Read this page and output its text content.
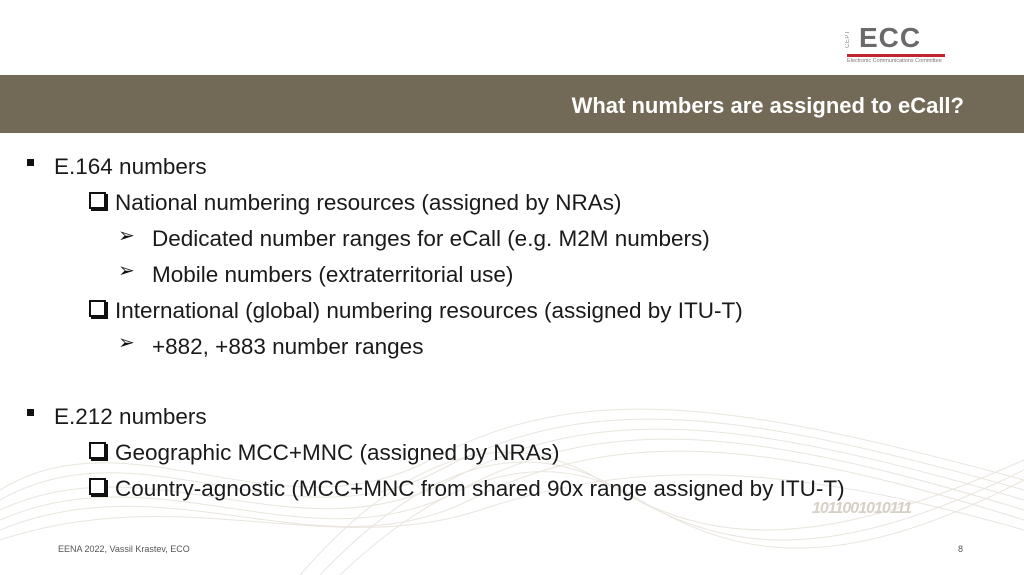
CEPT ECC
Electronic Communications Committee
What numbers are assigned to eCall?
E.164 numbers
National numbering resources (assigned by NRAs)
➢ Dedicated number ranges for eCall (e.g. M2M numbers)
➢ Mobile numbers (extraterritorial use)
International (global) numbering resources (assigned by ITU-T)
➢ +882, +883 number ranges
E.212 numbers
Geographic MCC+MNC (assigned by NRAs)
Country-agnostic (MCC+MNC from shared 90x range assigned by ITU-T)
1011001010111
EENA 2022, Vassil Krastev, ECO	8
